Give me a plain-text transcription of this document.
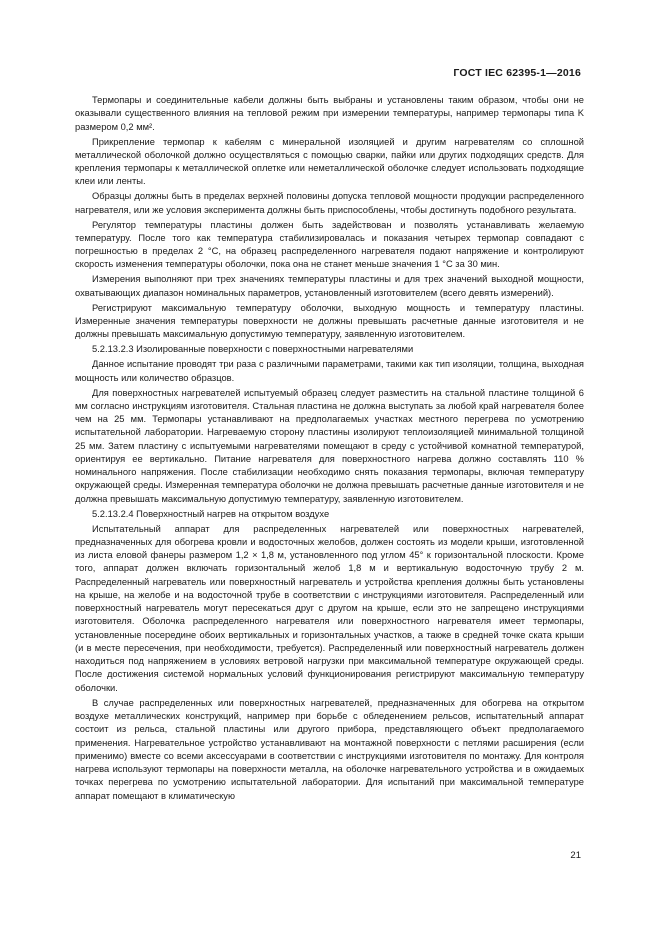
ГОСТ IEC 62395-1—2016

Термопары и соединительные кабели должны быть выбраны и установлены таким образом, чтобы они не оказывали существенного влияния на тепловой режим при измерении температуры, например термопары типа K размером 0,2 мм².

Прикрепление термопар к кабелям с минеральной изоляцией и другим нагревателям со сплошной металлической оболочкой должно осуществляться с помощью сварки, пайки или других подходящих средств. Для крепления термопары к металлической оплетке или неметаллической оболочке следует использовать подходящие клеи или ленты.

Образцы должны быть в пределах верхней половины допуска тепловой мощности продукции распределенного нагревателя, или же условия эксперимента должны быть приспособлены, чтобы достигнуть подобного результата.

Регулятор температуры пластины должен быть задействован и позволять устанавливать желаемую температуру. После того как температура стабилизировалась и показания четырех термопар совпадают с погрешностью в пределах 2 °С, на образец распределенного нагревателя подают напряжение и контролируют скорость изменения температуры оболочки, пока она не станет меньше значения 1 °С за 30 мин.

Измерения выполняют при трех значениях температуры пластины и для трех значений выходной мощности, охватывающих диапазон номинальных параметров, установленный изготовителем (всего девять измерений).

Регистрируют максимальную температуру оболочки, выходную мощность и температуру пластины. Измеренные значения температуры поверхности не должны превышать расчетные данные изготовителя и не должны превышать максимальную допустимую температуру, заявленную изготовителем.

5.2.13.2.3 Изолированные поверхности с поверхностными нагревателями

Данное испытание проводят три раза с различными параметрами, такими как тип изоляции, толщина, выходная мощность или количество образцов.

Для поверхностных нагревателей испытуемый образец следует разместить на стальной пластине толщиной 6 мм согласно инструкциям изготовителя. Стальная пластина не должна выступать за любой край нагревателя более чем на 25 мм. Термопары устанавливают на предполагаемых участках местного перегрева по усмотрению испытательной лаборатории. Нагреваемую сторону пластины изолируют теплоизоляцией минимальной толщиной 25 мм. Затем пластину с испытуемыми нагревателями помещают в среду с устойчивой комнатной температурой, ориентируя ее вертикально. Питание нагревателя для поверхностного нагрева должно составлять 110 % номинального напряжения. После стабилизации необходимо снять показания термопары, включая температуру окружающей среды. Измеренная температура оболочки не должна превышать расчетные данные изготовителя и не должна превышать максимальную допустимую температуру, заявленную изготовителем.

5.2.13.2.4 Поверхностный нагрев на открытом воздухе

Испытательный аппарат для распределенных нагревателей или поверхностных нагревателей, предназначенных для обогрева кровли и водосточных желобов, должен состоять из модели крыши, изготовленной из листа еловой фанеры размером 1,2 × 1,8 м, установленного под углом 45° к горизонтальной плоскости. Кроме того, аппарат должен включать горизонтальный желоб 1,8 м и вертикальную водосточную трубу 2 м. Распределенный нагреватель или поверхностный нагреватель и устройства крепления должны быть установлены на крыше, на желобе и на водосточной трубе в соответствии с инструкциями изготовителя. Распределенный или поверхностный нагреватель могут пересекаться друг с другом на крыше, если это не запрещено инструкциями изготовителя. Оболочка распределенного нагревателя или поверхностного нагревателя имеет термопары, установленные посередине обоих вертикальных и горизонтальных участков, а также в средней точке ската крыши (и в месте пересечения, при необходимости, требуется). Распределенный или поверхностный нагреватель должен находиться под напряжением в условиях ветровой нагрузки при максимальной температуре окружающей среды. После достижения системой нормальных условий функционирования регистрируют максимальную температуру оболочки.

В случае распределенных или поверхностных нагревателей, предназначенных для обогрева на открытом воздухе металлических конструкций, например при борьбе с обледенением рельсов, испытательный аппарат состоит из рельса, стальной пластины или другого прибора, представляющего объект предполагаемого применения. Нагревательное устройство устанавливают на монтажной поверхности с петлями расширения (если применимо) вместе со всеми аксессуарами в соответствии с инструкциями изготовителя по монтажу. Для контроля нагрева используют термопары на поверхности металла, на оболочке нагревательного устройства и в ожидаемых точках перегрева по усмотрению испытательной лаборатории. Для испытаний при максимальной температуре аппарат помещают в климатическую

21
